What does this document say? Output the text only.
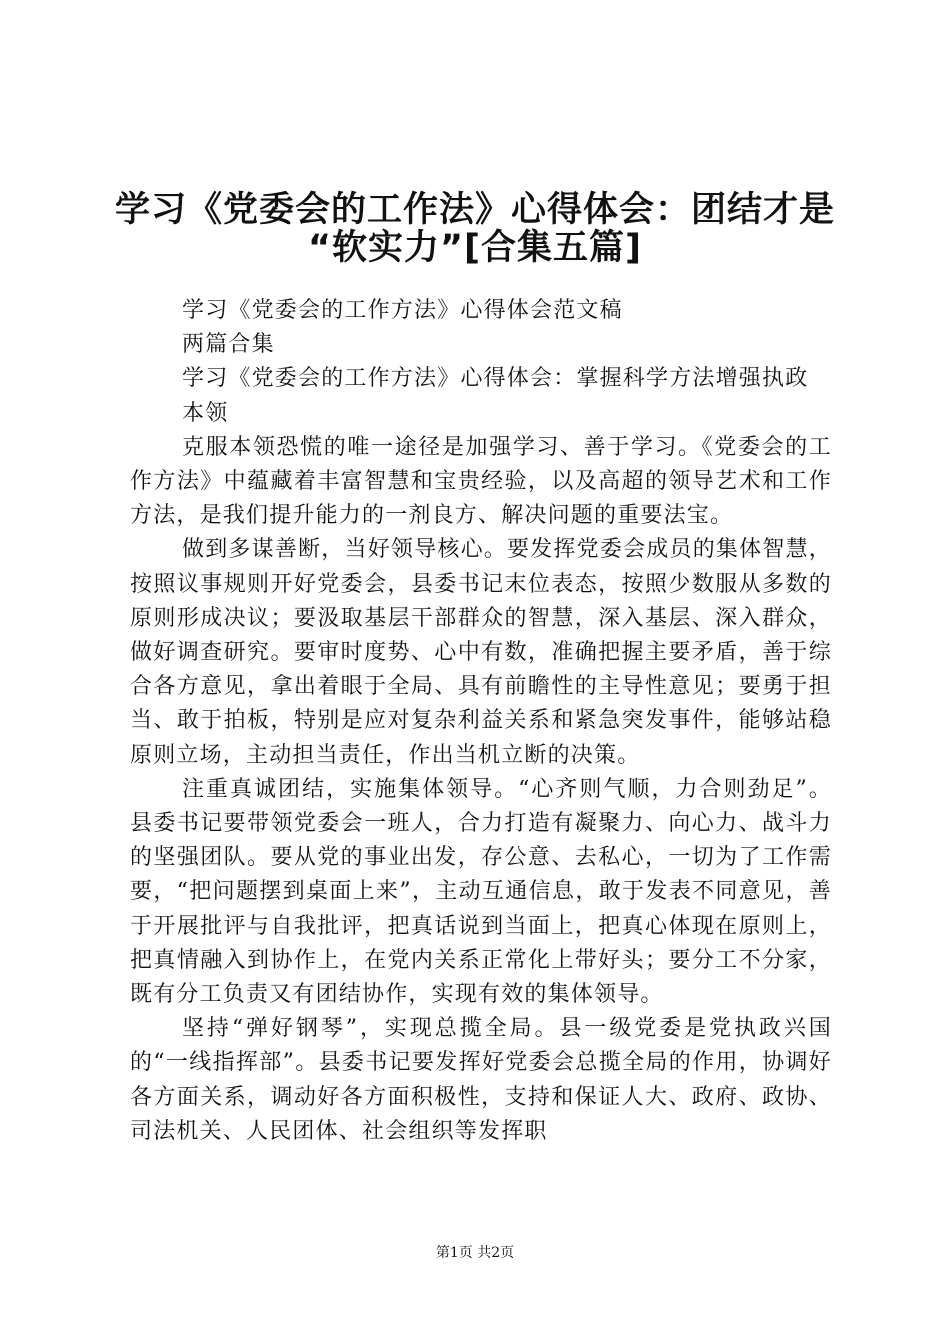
学习《党委会的工作法》心得体会：团结才是
“软实力”[合集五篇]

学习《党委会的工作方法》心得体会范文稿

两篇合集

学习《党委会的工作方法》心得体会：掌握科学方法增强执政

本领

克服本领恐慌的唯一途径是加强学习、善于学习。《党委会的工作方法》中蕴藏着丰富智慧和宝贵经验，以及高超的领导艺术和工作方法，是我们提升能力的一剂良方、解决问题的重要法宝。

做到多谋善断，当好领导核心。要发挥党委会成员的集体智慧，按照议事规则开好党委会，县委书记末位表态，按照少数服从多数的原则形成决议；要汲取基层干部群众的智慧，深入基层、深入群众，做好调查研究。要审时度势、心中有数，准确把握主要矛盾，善于综合各方意见，拿出着眼于全局、具有前瞻性的主导性意见；要勇于担当、敢于拍板，特别是应对复杂利益关系和紧急突发事件，能够站稳原则立场，主动担当责任，作出当机立断的决策。

注重真诚团结，实施集体领导。“心齐则气顺，力合则劲足”。县委书记要带领党委会一班人，合力打造有凝聚力、向心力、战斗力的坚强团队。要从党的事业出发，存公意、去私心，一切为了工作需要，“把问题摆到桌面上来”，主动互通信息，敢于发表不同意见，善于开展批评与自我批评，把真话说到当面上，把真心体现在原则上，把真情融入到协作上，在党内关系正常化上带好头；要分工不分家，既有分工负责又有团结协作，实现有效的集体领导。

坚持“弹好钢琴”，实现总揽全局。县一级党委是党执政兴国的“一线指挥部”。县委书记要发挥好党委会总揽全局的作用，协调好各方面关系，调动好各方面积极性，支持和保证人大、政府、政协、司法机关、人民团体、社会组织等发挥职

第1页 共2页
